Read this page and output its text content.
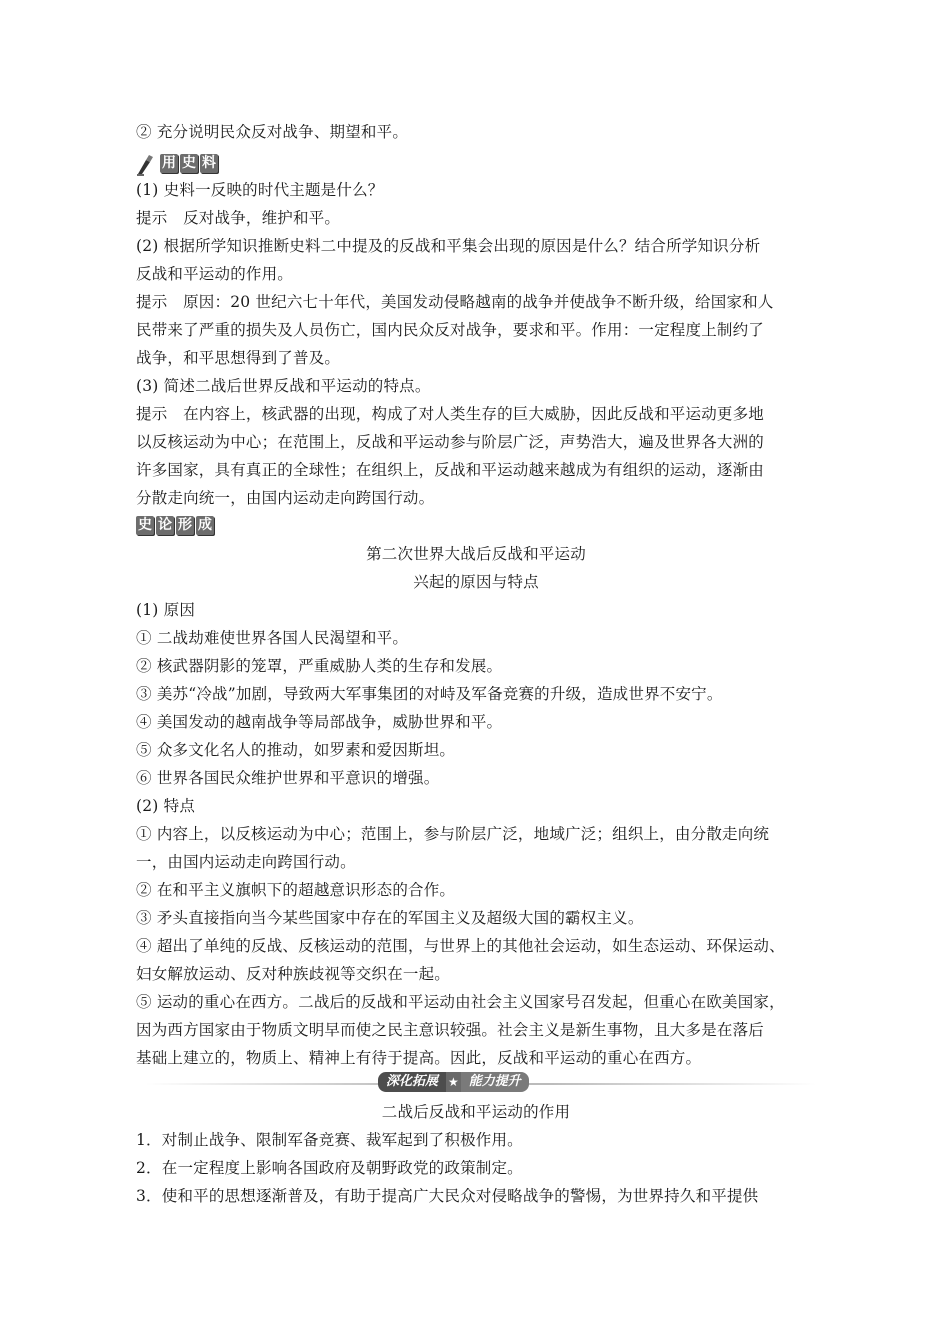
② 充分说明民众反对战争、期望和平。
用 史 料
(1) 史料一反映的时代主题是什么？
提示　反对战争，维护和平。
(2) 根据所学知识推断史料二中提及的反战和平集会出现的原因是什么？结合所学知识分析
反战和平运动的作用。
提示　原因：20 世纪六七十年代，美国发动侵略越南的战争并使战争不断升级，给国家和人
民带来了严重的损失及人员伤亡，国内民众反对战争，要求和平。作用：一定程度上制约了
战争，和平思想得到了普及。
(3) 简述二战后世界反战和平运动的特点。
提示　在内容上，核武器的出现，构成了对人类生存的巨大威胁，因此反战和平运动更多地
以反核运动为中心；在范围上，反战和平运动参与阶层广泛，声势浩大，遍及世界各大洲的
许多国家，具有真正的全球性；在组织上，反战和平运动越来越成为有组织的运动，逐渐由
分散走向统一，由国内运动走向跨国行动。
史 论 形 成
第二次世界大战后反战和平运动
兴起的原因与特点
(1) 原因
① 二战劫难使世界各国人民渴望和平。
② 核武器阴影的笼罩，严重威胁人类的生存和发展。
③ 美苏“冷战”加剧，导致两大军事集团的对峙及军备竞赛的升级，造成世界不安宁。
④ 美国发动的越南战争等局部战争，威胁世界和平。
⑤ 众多文化名人的推动，如罗素和爱因斯坦。
⑥ 世界各国民众维护世界和平意识的增强。
(2) 特点
① 内容上，以反核运动为中心；范围上，参与阶层广泛，地域广泛；组织上，由分散走向统
一，由国内运动走向跨国行动。
② 在和平主义旗帜下的超越意识形态的合作。
③ 矛头直接指向当今某些国家中存在的军国主义及超级大国的霸权主义。
④ 超出了单纯的反战、反核运动的范围，与世界上的其他社会运动，如生态运动、环保运动、
妇女解放运动、反对种族歧视等交织在一起。
⑤ 运动的重心在西方。二战后的反战和平运动由社会主义国家号召发起，但重心在欧美国家，
因为西方国家由于物质文明早而使之民主意识较强。社会主义是新生事物，且大多是在落后
基础上建立的，物质上、精神上有待于提高。因此，反战和平运动的重心在西方。
深化拓展 ★ 能力提升
二战后反战和平运动的作用
1．对制止战争、限制军备竞赛、裁军起到了积极作用。
2．在一定程度上影响各国政府及朝野政党的政策制定。
3．使和平的思想逐渐普及，有助于提高广大民众对侵略战争的警惕，为世界持久和平提供
